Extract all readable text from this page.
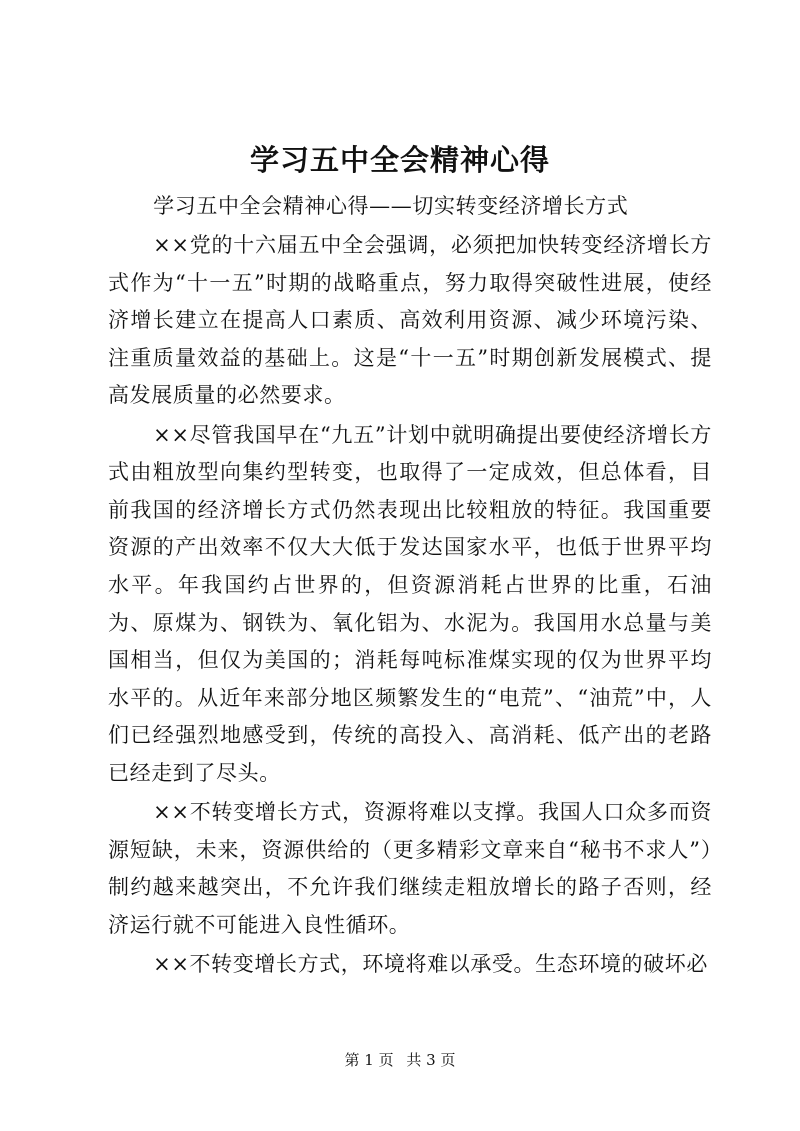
学习五中全会精神心得

学习五中全会精神心得——切实转变经济增长方式

××党的十六届五中全会强调，必须把加快转变经济增长方式作为“十一五”时期的战略重点，努力取得突破性进展，使经济增长建立在提高人口素质、高效利用资源、减少环境污染、注重质量效益的基础上。这是“十一五”时期创新发展模式、提高发展质量的必然要求。

××尽管我国早在“九五”计划中就明确提出要使经济增长方式由粗放型向集约型转变，也取得了一定成效，但总体看，目前我国的经济增长方式仍然表现出比较粗放的特征。我国重要资源的产出效率不仅大大低于发达国家水平，也低于世界平均水平。年我国约占世界的，但资源消耗占世界的比重，石油为、原煤为、钢铁为、氧化铝为、水泥为。我国用水总量与美国相当，但仅为美国的；消耗每吨标准煤实现的仅为世界平均水平的。从近年来部分地区频繁发生的“电荒”、“油荒”中，人们已经强烈地感受到，传统的高投入、高消耗、低产出的老路已经走到了尽头。

××不转变增长方式，资源将难以支撑。我国人口众多而资源短缺，未来，资源供给的（更多精彩文章来自“秘书不求人”）制约越来越突出，不允许我们继续走粗放增长的路子否则，经济运行就不可能进入良性循环。

××不转变增长方式，环境将难以承受。生态环境的破坏必

第 1 页 共 3 页
